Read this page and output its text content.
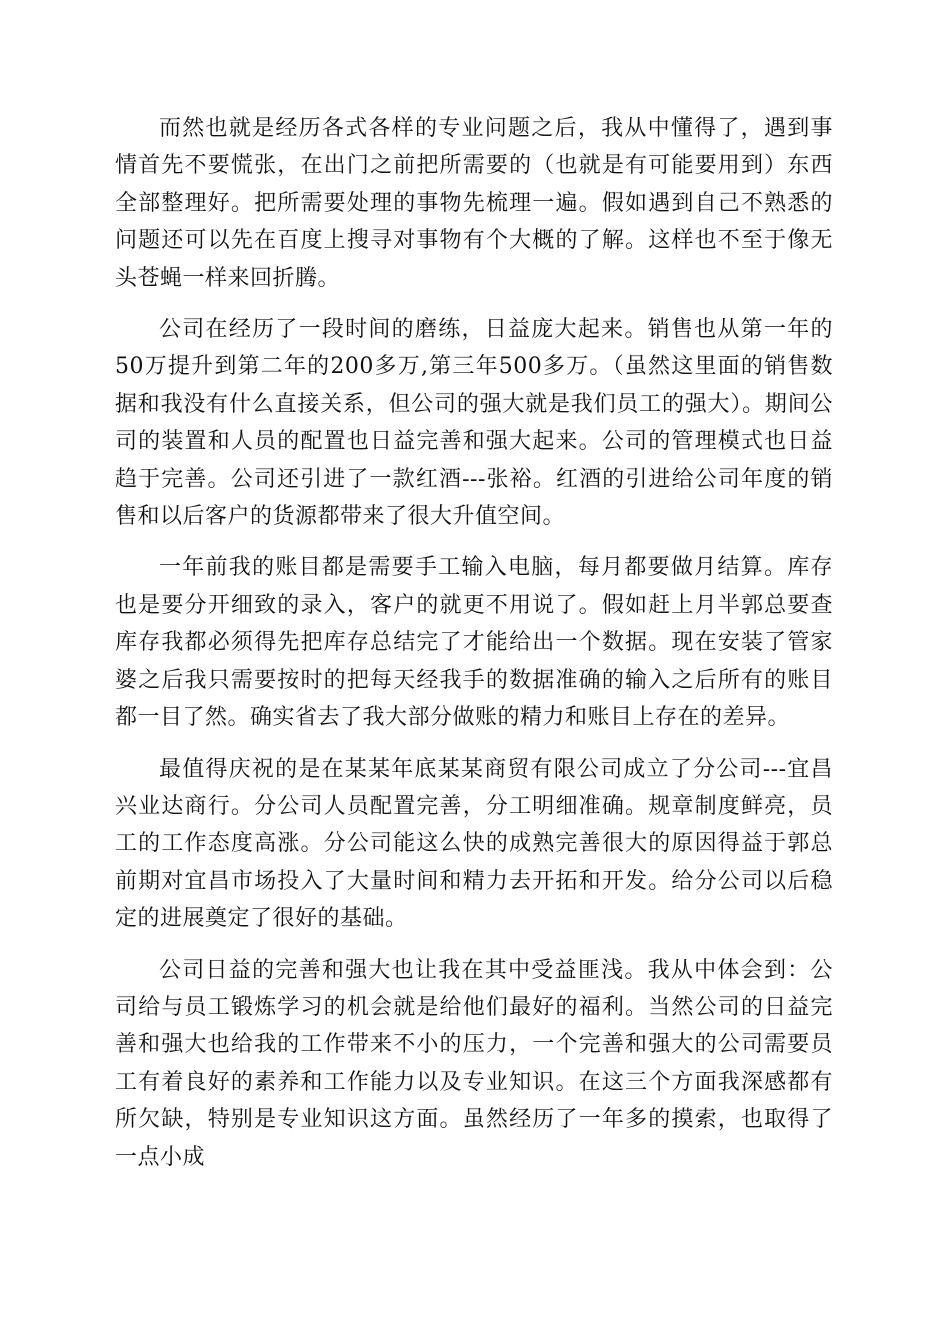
而然也就是经历各式各样的专业问题之后，我从中懂得了，遇到事情首先不要慌张，在出门之前把所需要的（也就是有可能要用到）东西全部整理好。把所需要处理的事物先梳理一遍。假如遇到自己不熟悉的问题还可以先在百度上搜寻对事物有个大概的了解。这样也不至于像无头苍蝇一样来回折腾。

公司在经历了一段时间的磨练，日益庞大起来。销售也从第一年的 50万提升到第二年的200多万,第三年500多万。（虽然这里面的销售数据和我没有什么直接关系，但公司的强大就是我们员工的强大）。期间公司的装置和人员的配置也日益完善和强大起来。公司的管理模式也日益趋于完善。公司还引进了一款红酒---张裕。红酒的引进给公司年度的销售和以后客户的货源都带来了很大升值空间。

一年前我的账目都是需要手工输入电脑，每月都要做月结算。库存也是要分开细致的录入，客户的就更不用说了。假如赶上月半郭总要查库存我都必须得先把库存总结完了才能给出一个数据。现在安装了管家婆之后我只需要按时的把每天经我手的数据准确的输入之后所有的账目都一目了然。确实省去了我大部分做账的精力和账目上存在的差异。

最值得庆祝的是在某某年底某某商贸有限公司成立了分公司---宜昌兴业达商行。分公司人员配置完善，分工明细准确。规章制度鲜亮，员工的工作态度高涨。分公司能这么快的成熟完善很大的原因得益于郭总前期对宜昌市场投入了大量时间和精力去开拓和开发。给分公司以后稳定的进展奠定了很好的基础。

公司日益的完善和强大也让我在其中受益匪浅。我从中体会到：公司给与员工锻炼学习的机会就是给他们最好的福利。当然公司的日益完善和强大也给我的工作带来不小的压力，一个完善和强大的公司需要员工有着良好的素养和工作能力以及专业知识。在这三个方面我深感都有所欠缺，特别是专业知识这方面。虽然经历了一年多的摸索，也取得了一点小成
